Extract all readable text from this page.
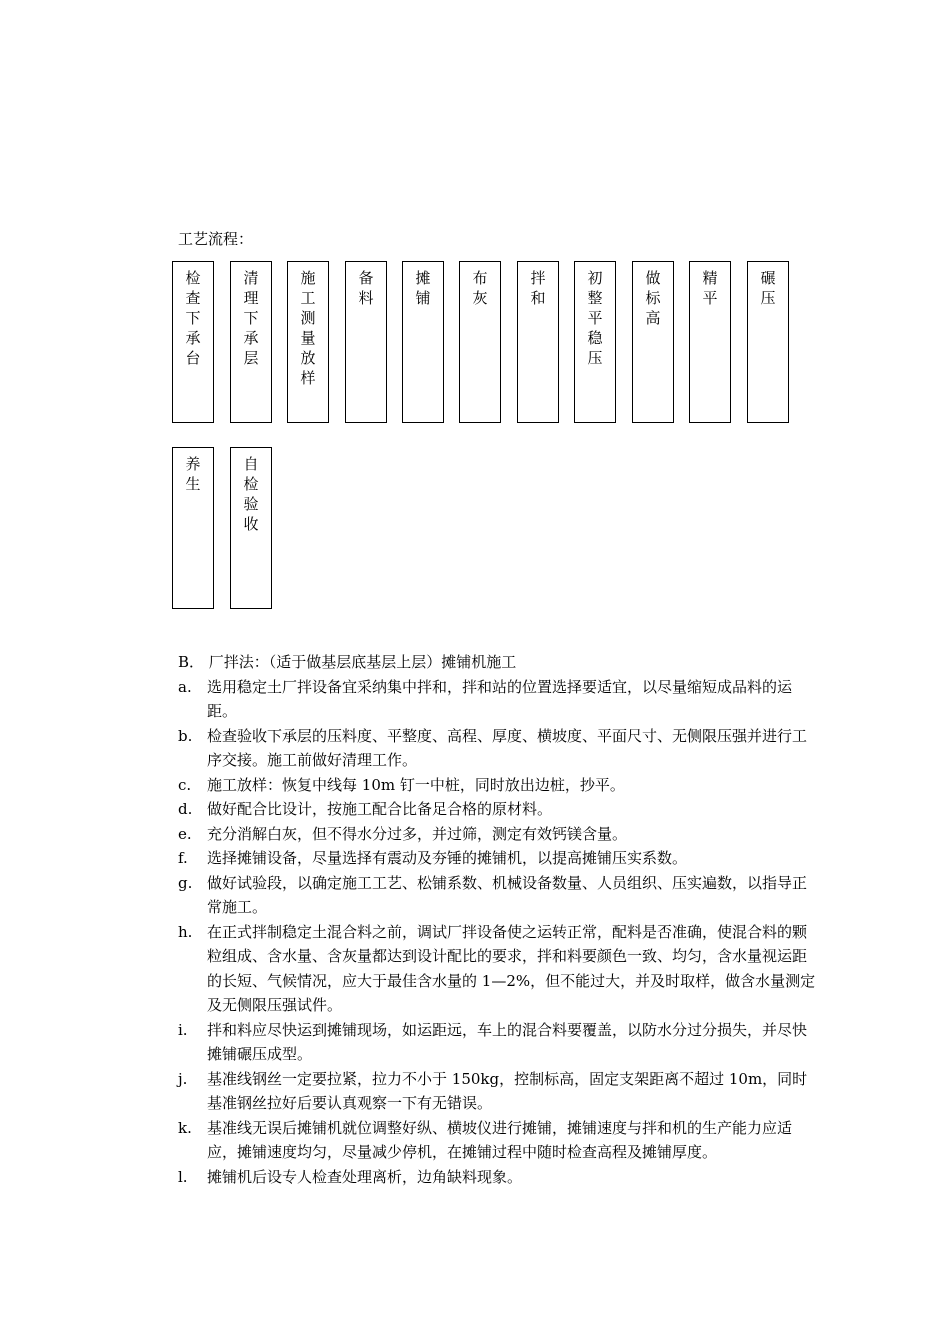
工艺流程：
检查下承台
清理下承层
施工测量放样
备料
摊铺
布灰
拌和
初整平稳压
做标高
精平
碾压
养生
自检验收

B． 厂拌法：（适于做基层底基层上层）摊铺机施工

a.	选用稳定土厂拌设备宜采纳集中拌和，拌和站的位置选择要适宜，以尽量缩短成品料的运距。
b. 检查验收下承层的压料度、平整度、高程、厚度、横坡度、平面尺寸、无侧限压强并进行工序交接。施工前做好清理工作。
c.	施工放样：恢复中线每 10m 钉一中桩，同时放出边桩，抄平。
d. 做好配合比设计，按施工配合比备足合格的原材料。
e.	充分消解白灰，但不得水分过多，并过筛，测定有效钙镁含量。
f.	选择摊铺设备，尽量选择有震动及夯锤的摊铺机，以提高摊铺压实系数。
g. 做好试验段，以确定施工工艺、松铺系数、机械设备数量、人员组织、压实遍数，以指导正常施工。
h. 在正式拌制稳定土混合料之前，调试厂拌设备使之运转正常，配料是否准确，使混合料的颗粒组成、含水量、含灰量都达到设计配比的要求，拌和料要颜色一致、均匀，含水量视运距的长短、气候情况，应大于最佳含水量的 1—2%，但不能过大，并及时取样，做含水量测定及无侧限压强试件。
i.	拌和料应尽快运到摊铺现场，如运距远，车上的混合料要覆盖，以防水分过分损失，并尽快摊铺碾压成型。
j.	基准线钢丝一定要拉紧，拉力不小于 150kg，控制标高，固定支架距离不超过 10m，同时基准钢丝拉好后要认真观察一下有无错误。
k.	基准线无误后摊铺机就位调整好纵、横坡仪进行摊铺，摊铺速度与拌和机的生产能力应适应，摊铺速度均匀，尽量减少停机，在摊铺过程中随时检查高程及摊铺厚度。
l.	摊铺机后设专人检查处理离析，边角缺料现象。
